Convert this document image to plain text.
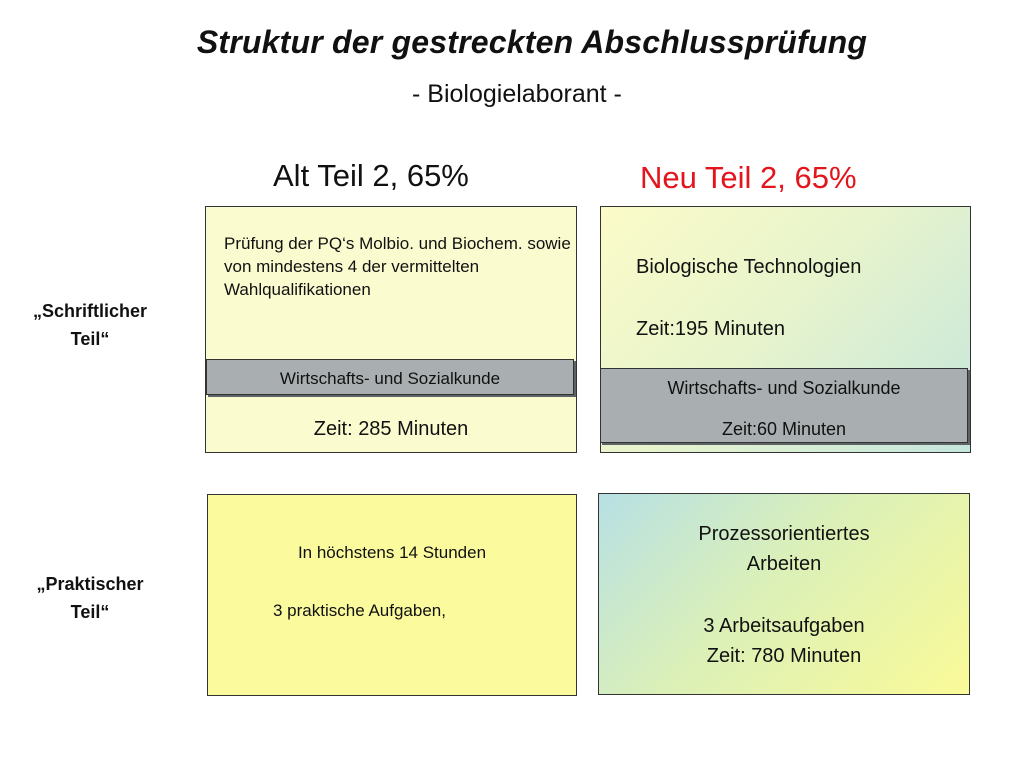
Struktur der gestreckten Abschlussprüfung
- Biologielaborant -
Alt Teil 2, 65%	Neu Teil 2, 65%
„Schriftlicher
Teil“
„Praktischer
Teil“
Prüfung der PQ‘s Molbio. und Biochem. sowie von mindestens 4 der vermittelten Wahlqualifikationen
Wirtschafts- und Sozialkunde
Zeit: 285 Minuten
Biologische Technologien
Zeit:195 Minuten
Wirtschafts- und Sozialkunde
Zeit:60 Minuten
In höchstens 14 Stunden
3 praktische Aufgaben,
Prozessorientiertes
Arbeiten
3 Arbeitsaufgaben
Zeit: 780 Minuten
